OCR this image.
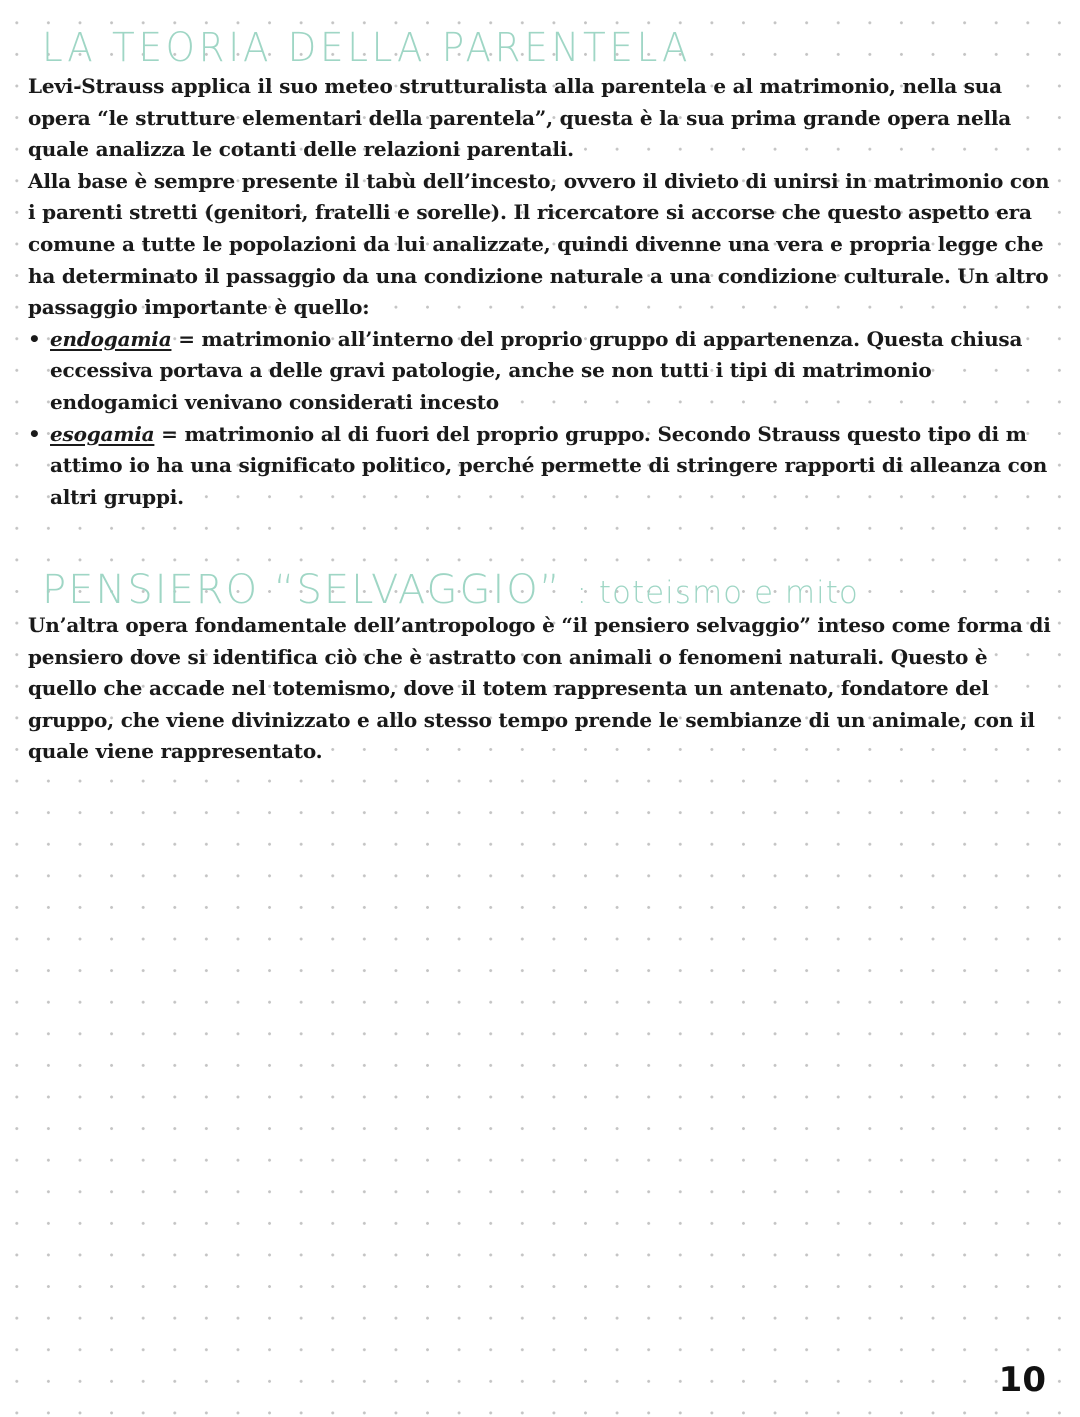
LA TEORIA DELLA PARENTELA

Levi-Strauss applica il suo meteo strutturalista alla parentela e al matrimonio, nella sua opera “le strutture elementari della parentela”, questa è la sua prima grande opera nella quale analizza le cotanti delle relazioni parentali.

Alla base è sempre presente il tabù dell’incesto, ovvero il divieto di unirsi in matrimonio con i parenti stretti (genitori, fratelli e sorelle). Il ricercatore si accorse che questo aspetto era comune a tutte le popolazioni da lui analizzate, quindi divenne una vera e propria legge che ha determinato il passaggio da una condizione naturale a una condizione culturale. Un altro passaggio importante è quello:

• endogamia = matrimonio all’interno del proprio gruppo di appartenenza. Questa chiusa eccessiva portava a delle gravi patologie, anche se non tutti i tipi di matrimonio endogamici venivano considerati incesto
• esogamia = matrimonio al di fuori del proprio gruppo. Secondo Strauss questo tipo di m attimo io ha una significato politico, perché permette di stringere rapporti di alleanza con altri gruppi.
PENSIERO “SELVAGGIO” : toteismo e mito

Un’altra opera fondamentale dell’antropologo è “il pensiero selvaggio” inteso come forma di pensiero dove si identifica ciò che è astratto con animali o fenomeni naturali. Questo è quello che accade nel totemismo, dove il totem rappresenta un antenato, fondatore del gruppo, che viene divinizzato e allo stesso tempo prende le sembianze di un animale, con il quale viene rappresentato.

10
